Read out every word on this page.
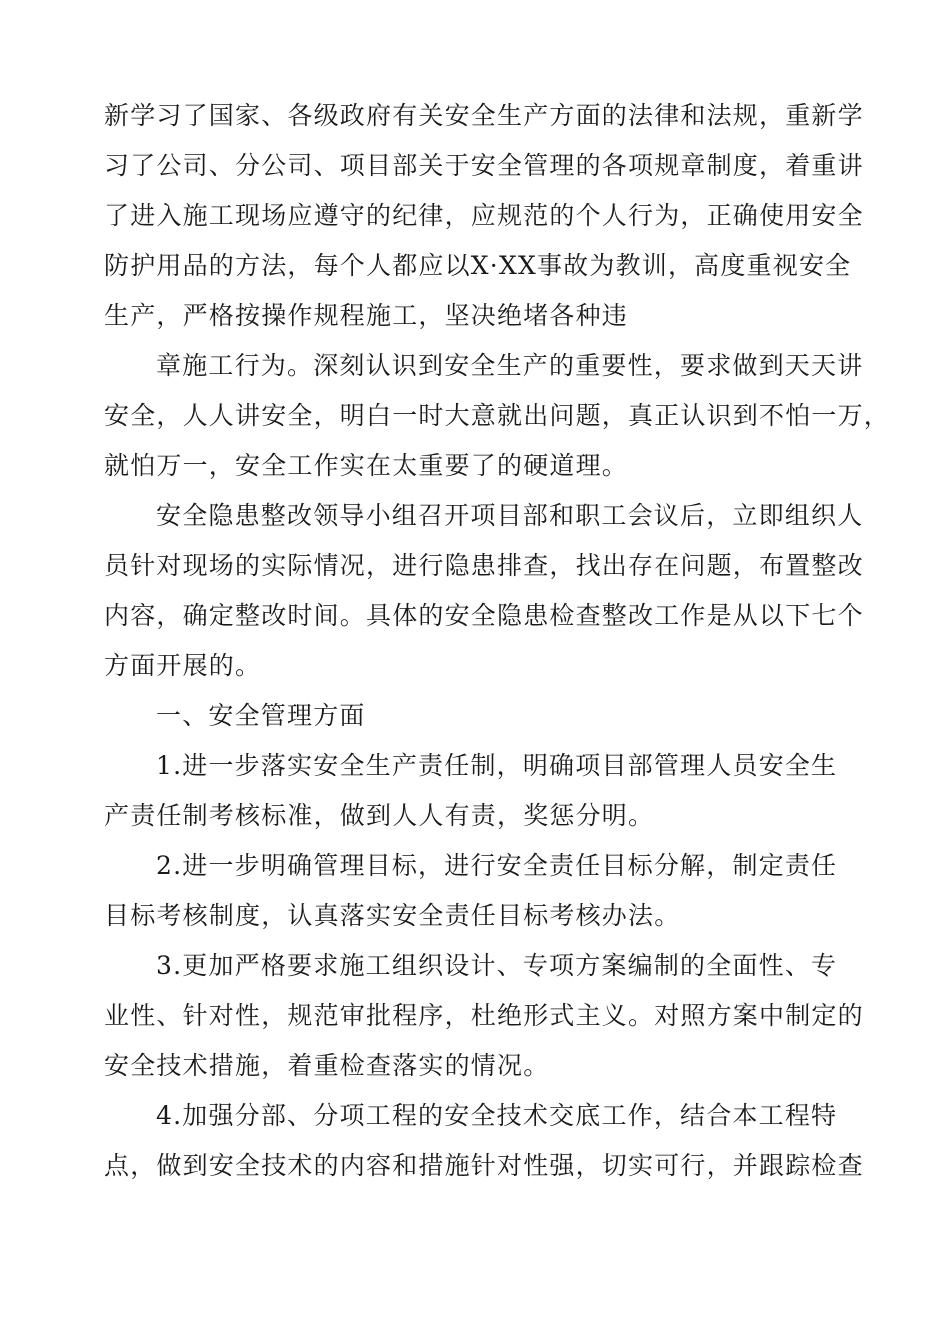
新学习了国家、各级政府有关安全生产方面的法律和法规，重新学
习了公司、分公司、项目部关于安全管理的各项规章制度，着重讲
了进入施工现场应遵守的纪律，应规范的个人行为，正确使用安全
防护用品的方法，每个人都应以X·XX事故为教训，高度重视安全
生产，严格按操作规程施工，坚决绝堵各种违
章施工行为。深刻认识到安全生产的重要性，要求做到天天讲
安全，人人讲安全，明白一时大意就出问题，真正认识到不怕一万，
就怕万一，安全工作实在太重要了的硬道理。
安全隐患整改领导小组召开项目部和职工会议后，立即组织人
员针对现场的实际情况，进行隐患排查，找出存在问题，布置整改
内容，确定整改时间。具体的安全隐患检查整改工作是从以下七个
方面开展的。
一、安全管理方面
1.进一步落实安全生产责任制，明确项目部管理人员安全生
产责任制考核标准，做到人人有责，奖惩分明。
2.进一步明确管理目标，进行安全责任目标分解，制定责任
目标考核制度，认真落实安全责任目标考核办法。
3.更加严格要求施工组织设计、专项方案编制的全面性、专
业性、针对性，规范审批程序，杜绝形式主义。对照方案中制定的
安全技术措施，着重检查落实的情况。
4.加强分部、分项工程的安全技术交底工作，结合本工程特
点，做到安全技术的内容和措施针对性强，切实可行，并跟踪检查
